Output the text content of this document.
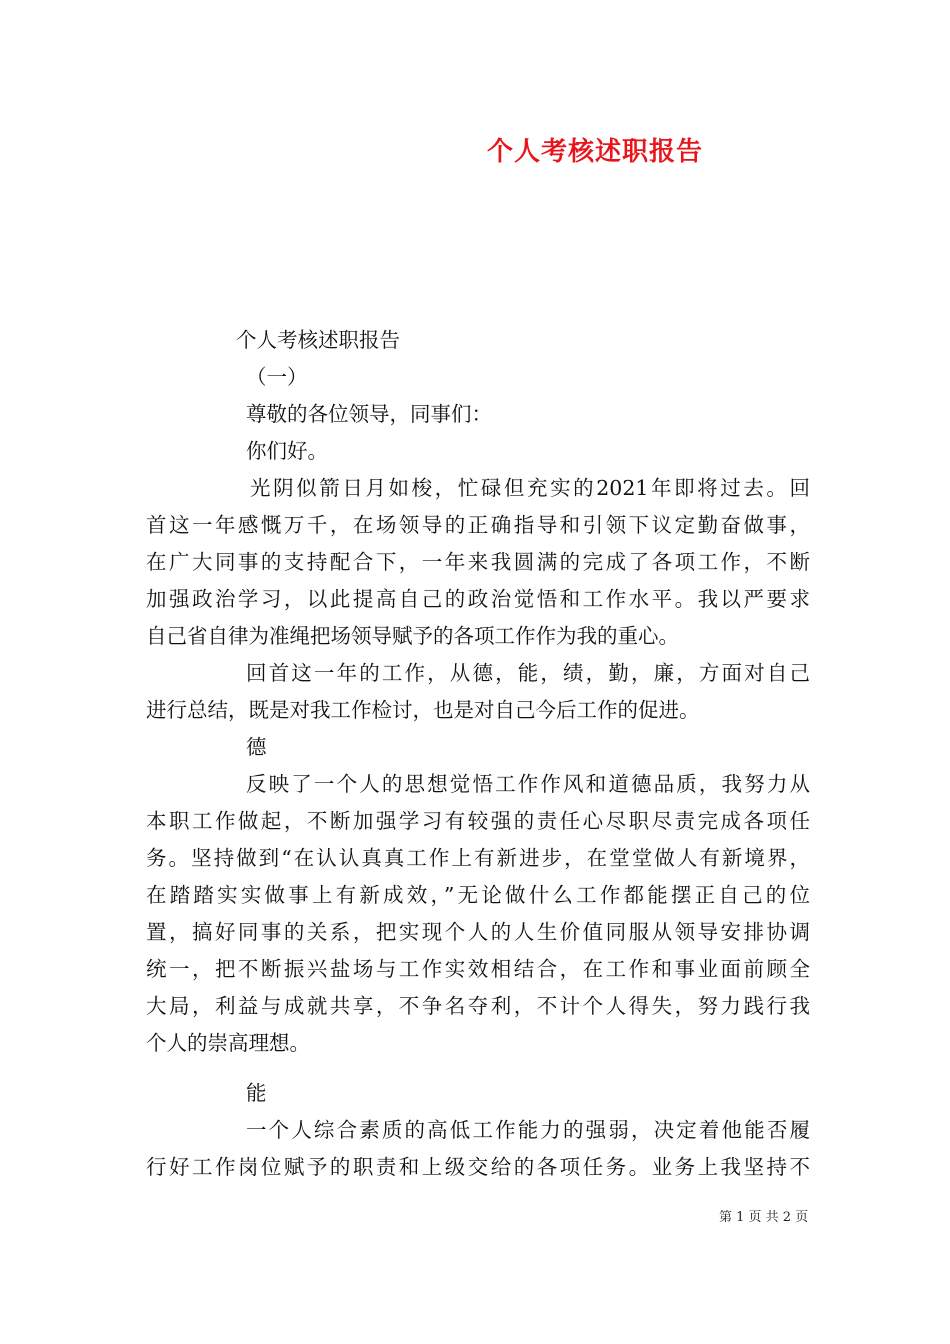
个人考核述职报告
个人考核述职报告
（一）
尊敬的各位领导，同事们：
你们好。
光阴似箭日月如梭，忙碌但充实的2021年即将过去。回
首这一年感慨万千，在场领导的正确指导和引领下议定勤奋做事，
在广大同事的支持配合下，一年来我圆满的完成了各项工作，不断
加强政治学习，以此提高自己的政治觉悟和工作水平。我以严要求
自己省自律为准绳把场领导赋予的各项工作作为我的重心。
回首这一年的工作，从德，能，绩，勤，廉，方面对自己
进行总结，既是对我工作检讨，也是对自己今后工作的促进。
德
反映了一个人的思想觉悟工作作风和道德品质，我努力从
本职工作做起，不断加强学习有较强的责任心尽职尽责完成各项任
务。坚持做到“在认认真真工作上有新进步，在堂堂做人有新境界，
在踏踏实实做事上有新成效，”无论做什么工作都能摆正自己的位
置，搞好同事的关系，把实现个人的人生价值同服从领导安排协调
统一，把不断振兴盐场与工作实效相结合，在工作和事业面前顾全
大局，利益与成就共享，不争名夺利，不计个人得失，努力践行我
个人的崇高理想。
能
一个人综合素质的高低工作能力的强弱，决定着他能否履
行好工作岗位赋予的职责和上级交给的各项任务。业务上我坚持不
第 1 页 共 2 页
